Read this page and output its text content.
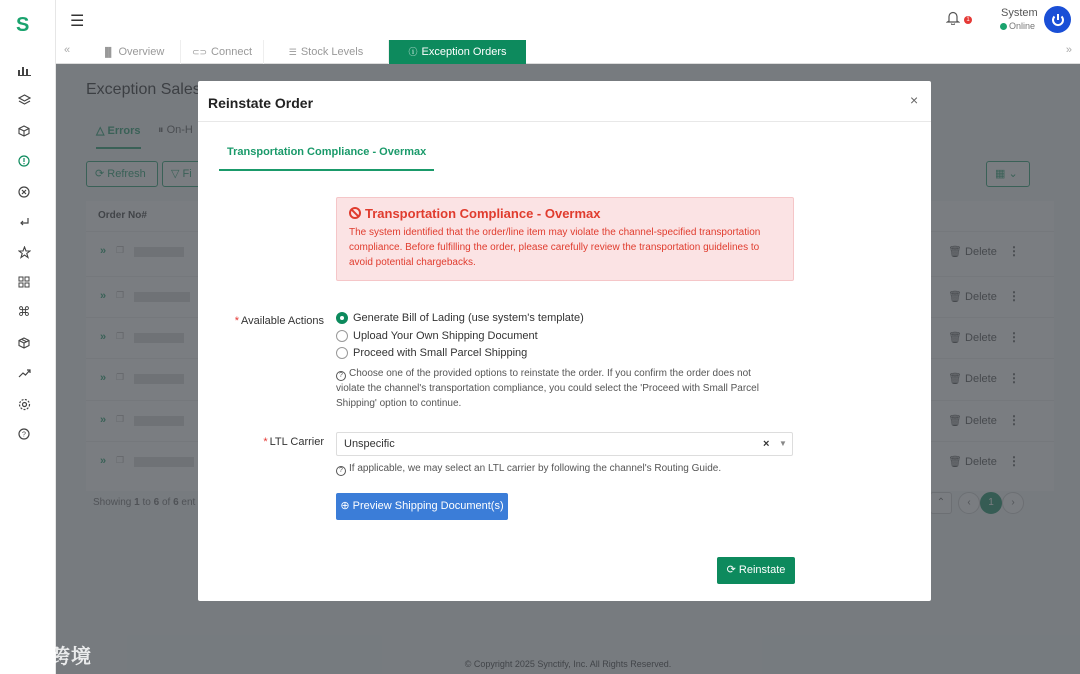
S
⌘
?
☰	1
System
Online
«	▐▌ Overview	⊂⊃ Connect	☰ Stock Levels	ⓘ Exception Orders	»
大数跨境
Reinstate Order	×
Transportation Compliance - Overmax
Transportation Compliance - Overmax
The system identified that the order/line item may violate the channel-specified transportation compliance. Before fulfilling the order, please carefully review the transportation guidelines to avoid potential chargebacks.
* Available Actions	Generate Bill of Lading (use system's template)
Upload Your Own Shipping Document
Proceed with Small Parcel Shipping
? Choose one of the provided options to reinstate the order. If you confirm the order does not violate the channel's transportation compliance, you could select the 'Proceed with Small Parcel Shipping' option to continue.
* LTL Carrier	Unspecific	× ▼
? If applicable, we may select an LTL carrier by following the channel's Routing Guide.
⊕ Preview Shipping Document(s)
⟳ Reinstate
